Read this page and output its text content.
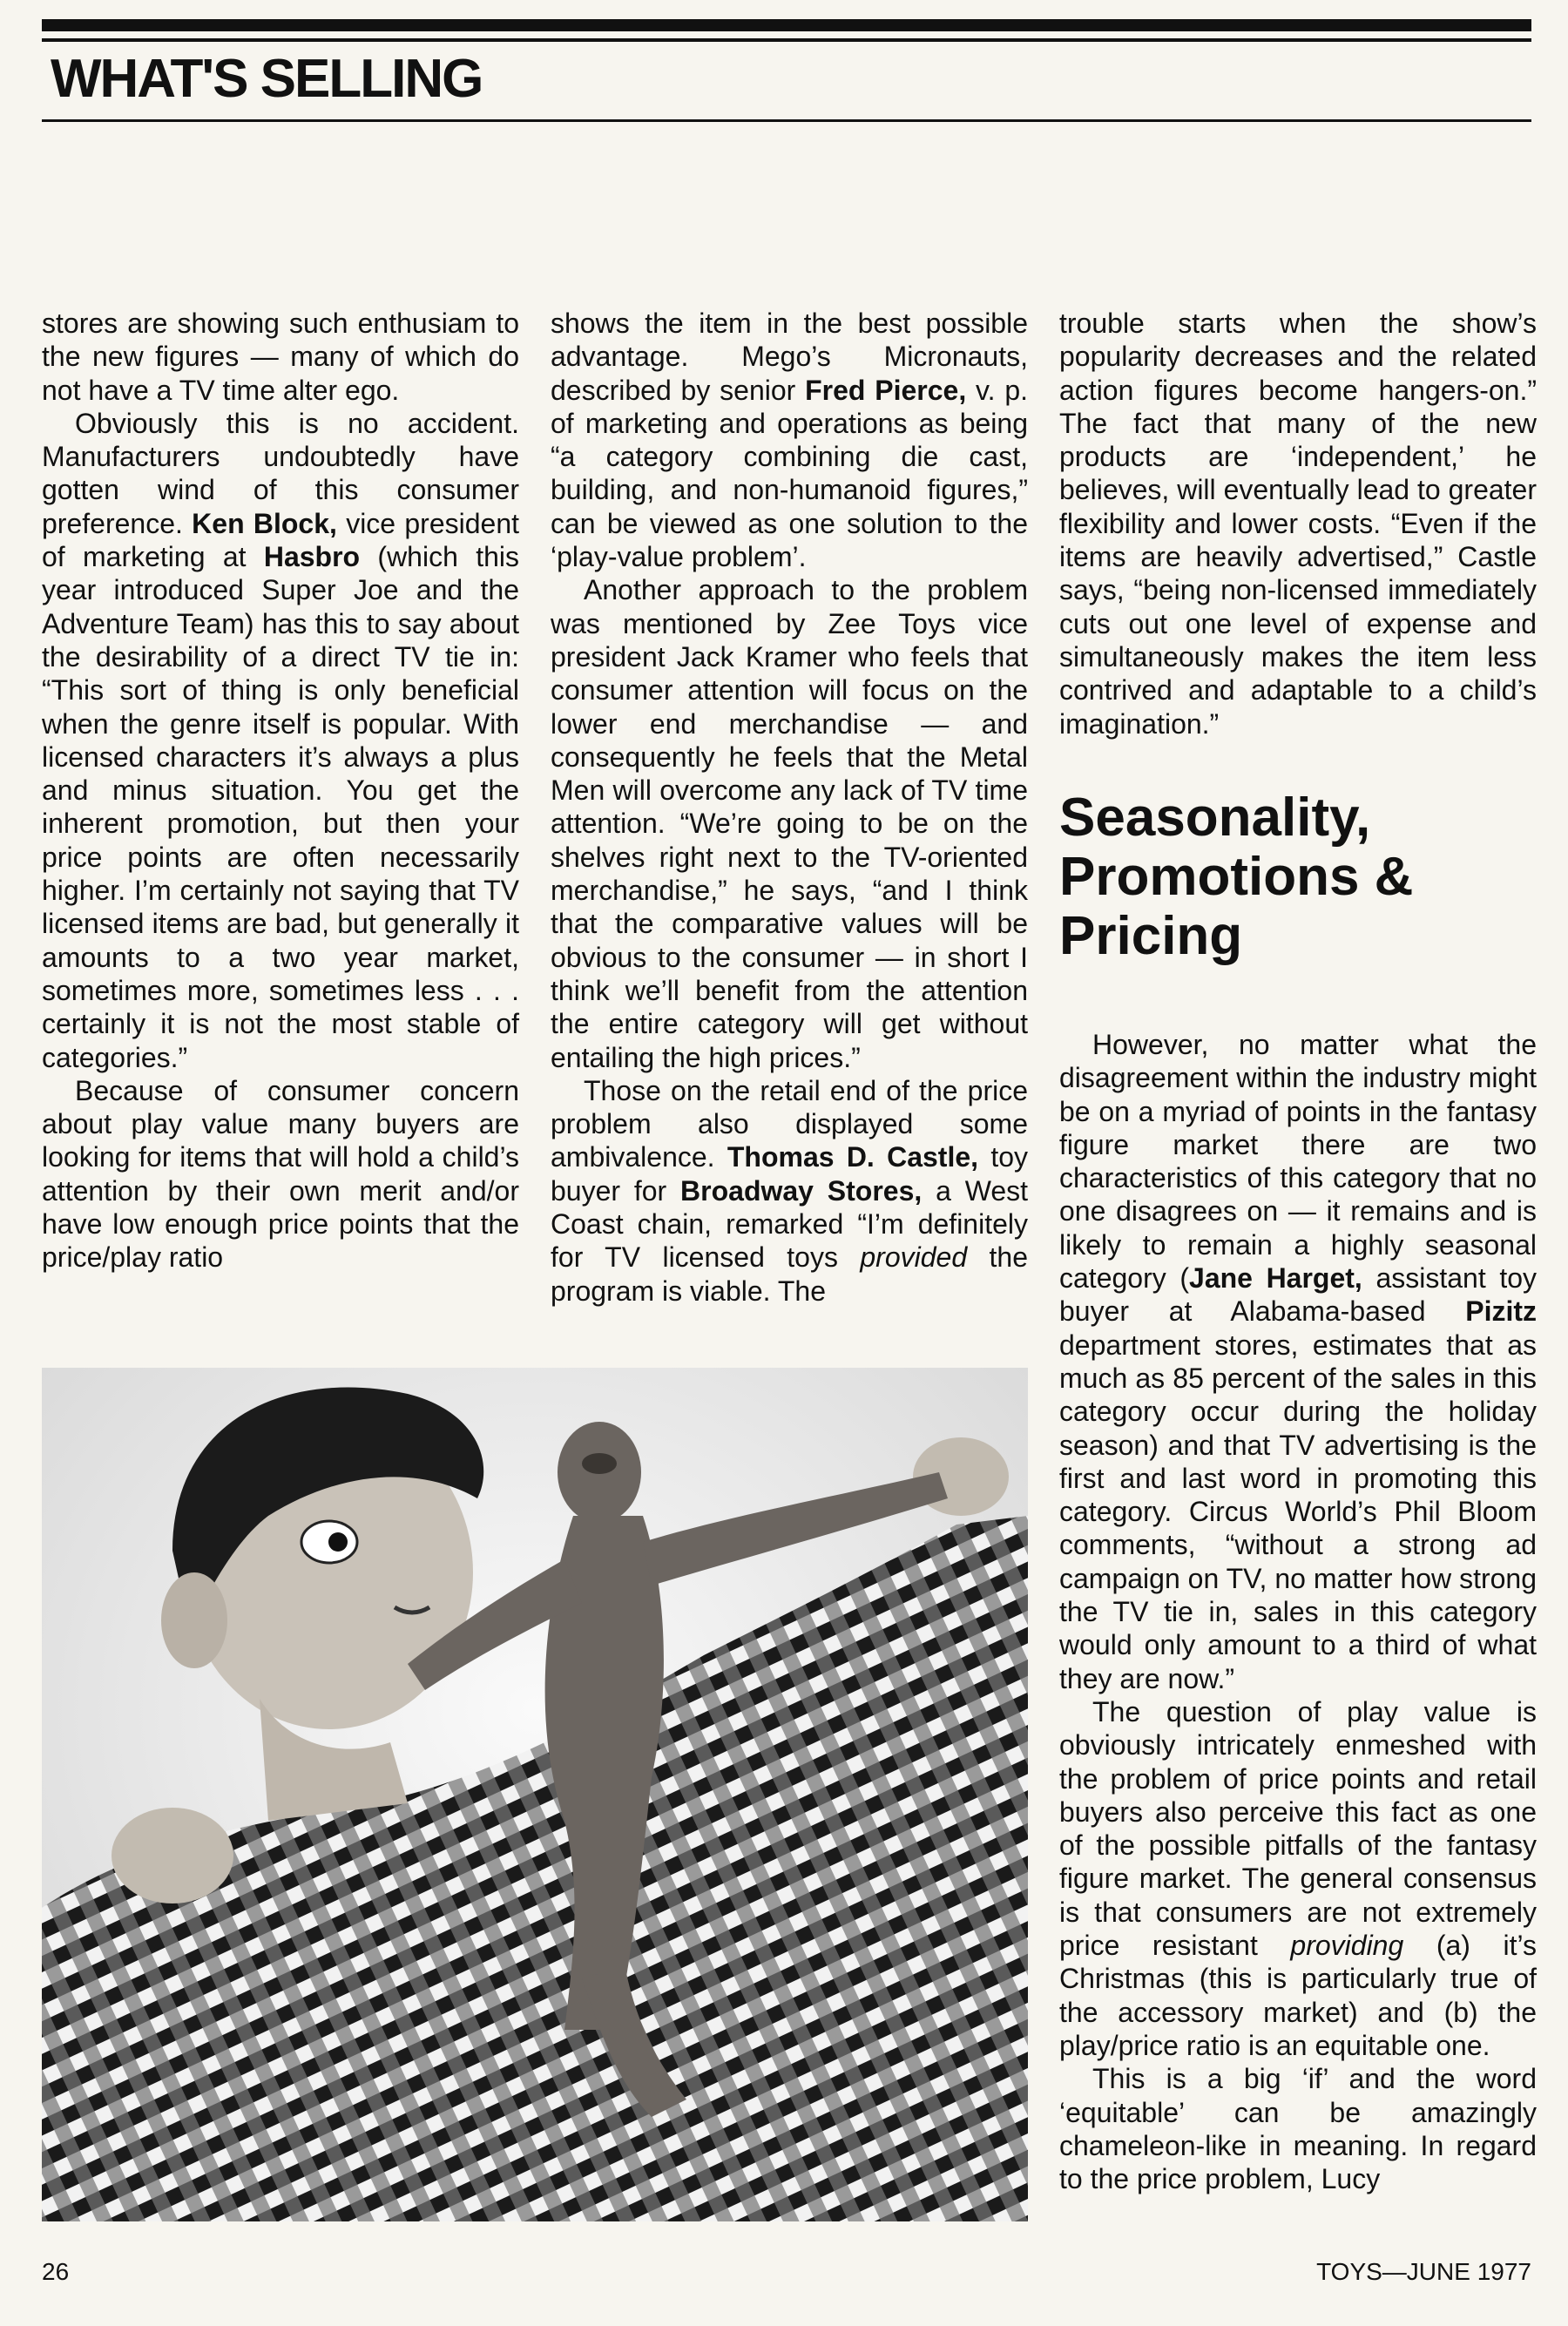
WHAT'S SELLING

stores are showing such enthusiam to the new figures — many of which do not have a TV time alter ego.

Obviously this is no accident. Manufacturers undoubtedly have gotten wind of this consumer preference. Ken Block, vice president of marketing at Hasbro (which this year introduced Super Joe and the Adventure Team) has this to say about the desirability of a direct TV tie in: “This sort of thing is only beneficial when the genre itself is popular. With licensed characters it’s always a plus and minus situation. You get the inherent promotion, but then your price points are often necessarily higher. I’m certainly not saying that TV licensed items are bad, but generally it amounts to a two year market, sometimes more, sometimes less . . . certainly it is not the most stable of categories.”

Because of consumer concern about play value many buyers are looking for items that will hold a child’s attention by their own merit and/or have low enough price points that the price/play ratio

shows the item in the best possible advantage. Mego’s Micronauts, described by senior Fred Pierce, v. p. of marketing and operations as being “a category combining die cast, building, and non-humanoid figures,” can be viewed as one solution to the ‘play-value problem’.

Another approach to the problem was mentioned by Zee Toys vice president Jack Kramer who feels that consumer attention will focus on the lower end merchandise — and consequently he feels that the Metal Men will overcome any lack of TV time attention. “We’re going to be on the shelves right next to the TV-oriented merchandise,” he says, “and I think that the comparative values will be obvious to the consumer — in short I think we’ll benefit from the attention the entire category will get without entailing the high prices.”

Those on the retail end of the price problem also displayed some ambivalence. Thomas D. Castle, toy buyer for Broadway Stores, a West Coast chain, remarked “I’m definitely for TV licensed toys provided the program is viable. The

trouble starts when the show’s popularity decreases and the related action figures become hangers-on.” The fact that many of the new products are ‘independent,’ he believes, will eventually lead to greater flexibility and lower costs. “Even if the items are heavily advertised,” Castle says, “being non-licensed immediately cuts out one level of expense and simultaneously makes the item less contrived and adaptable to a child’s imagination.”

Seasonality, Promotions & Pricing

However, no matter what the disagreement within the industry might be on a myriad of points in the fantasy figure market there are two characteristics of this category that no one disagrees on — it remains and is likely to remain a highly seasonal category (Jane Harget, assistant toy buyer at Alabama-based Pizitz department stores, estimates that as much as 85 percent of the sales in this category occur during the holiday season) and that TV advertising is the first and last word in promoting this category. Circus World’s Phil Bloom comments, “without a strong ad campaign on TV, no matter how strong the TV tie in, sales in this category would only amount to a third of what they are now.”

The question of play value is obviously intricately enmeshed with the problem of price points and retail buyers also perceive this fact as one of the possible pitfalls of the fantasy figure market. The general consensus is that consumers are not extremely price resistant providing (a) it’s Christmas (this is particularly true of the accessory market) and (b) the play/price ratio is an equitable one.

This is a big ‘if’ and the word ‘equitable’ can be amazingly chameleon-like in meaning. In regard to the price problem, Lucy

26	TOYS—JUNE 1977
